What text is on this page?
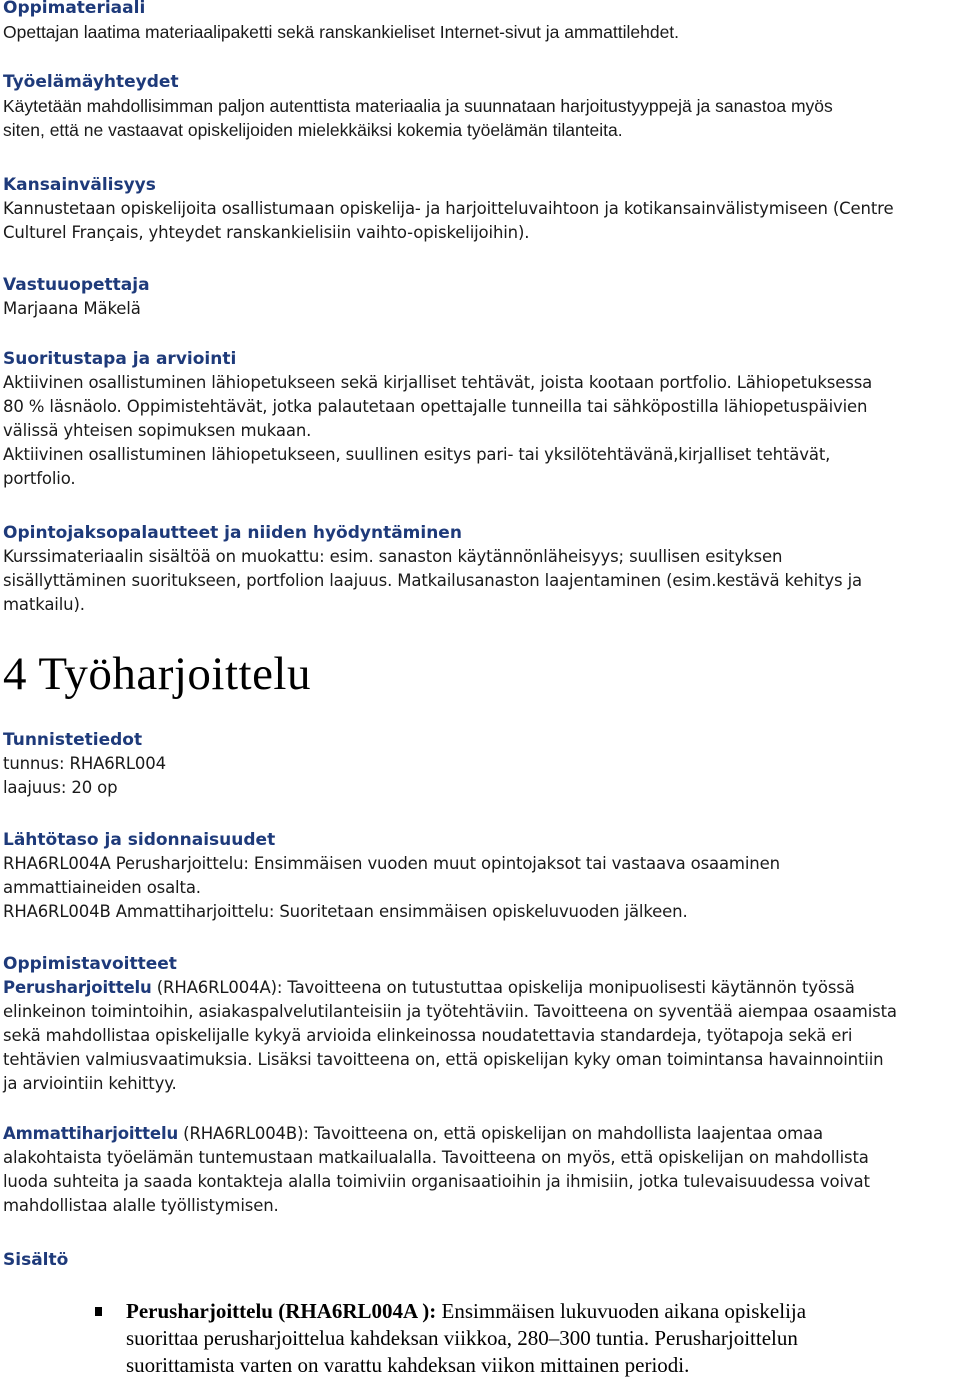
Oppimateriaali

Opettajan laatima materiaalipaketti sekä ranskankieliset Internet-sivut ja ammattilehdet.

Työelämäyhteydet

Käytetään mahdollisimman paljon autenttista materiaalia ja suunnataan harjoitustyyppejä ja sanastoa myös

siten, että ne vastaavat opiskelijoiden mielekkäiksi kokemia työelämän tilanteita.

Kansainvälisyys

Kannustetaan opiskelijoita osallistumaan opiskelija- ja harjoitteluvaihtoon ja kotikansainvälistymiseen (Centre

Culturel Français, yhteydet ranskankielisiin vaihto-opiskelijoihin).

Vastuuopettaja

Marjaana Mäkelä

Suoritustapa ja arviointi

Aktiivinen osallistuminen lähiopetukseen sekä kirjalliset tehtävät, joista kootaan portfolio. Lähiopetuksessa

80 % läsnäolo. Oppimistehtävät, jotka palautetaan opettajalle tunneilla tai sähköpostilla lähiopetuspäivien

välissä yhteisen sopimuksen mukaan.

Aktiivinen osallistuminen lähiopetukseen, suullinen esitys pari- tai yksilötehtävänä,kirjalliset tehtävät,

portfolio.

Opintojaksopalautteet ja niiden hyödyntäminen

Kurssimateriaalin sisältöä on muokattu: esim. sanaston käytännönläheisyys; suullisen esityksen

sisällyttäminen suoritukseen, portfolion laajuus. Matkailusanaston laajentaminen (esim.kestävä kehitys ja

matkailu).

4 Työharjoittelu

Tunnistetiedot

tunnus: RHA6RL004

laajuus: 20 op

Lähtötaso ja sidonnaisuudet

RHA6RL004A Perusharjoittelu: Ensimmäisen vuoden muut opintojaksot tai vastaava osaaminen

ammattiaineiden osalta.

RHA6RL004B Ammattiharjoittelu: Suoritetaan ensimmäisen opiskeluvuoden jälkeen.

Oppimistavoitteet

Perusharjoittelu (RHA6RL004A): Tavoitteena on tutustuttaa opiskelija monipuolisesti käytännön työssä

elinkeinon toimintoihin, asiakaspalvelutilanteisiin ja työtehtäviin. Tavoitteena on syventää aiempaa osaamista

sekä mahdollistaa opiskelijalle kykyä arvioida elinkeinossa noudatettavia standardeja, työtapoja sekä eri

tehtävien valmiusvaatimuksia. Lisäksi tavoitteena on, että opiskelijan kyky oman toimintansa havainnointiin

ja arviointiin kehittyy.

Ammattiharjoittelu (RHA6RL004B): Tavoitteena on, että opiskelijan on mahdollista laajentaa omaa

alakohtaista työelämän tuntemustaan matkailualalla. Tavoitteena on myös, että opiskelijan on mahdollista

luoda suhteita ja saada kontakteja alalla toimiviin organisaatioihin ja ihmisiin, jotka tulevaisuudessa voivat

mahdollistaa alalle työllistymisen.

Sisältö

Perusharjoittelu (RHA6RL004A ): Ensimmäisen lukuvuoden aikana opiskelija
suorittaa perusharjoittelua kahdeksan viikkoa, 280–300 tuntia. Perusharjoittelun
suorittamista varten on varattu kahdeksan viikon mittainen periodi.
